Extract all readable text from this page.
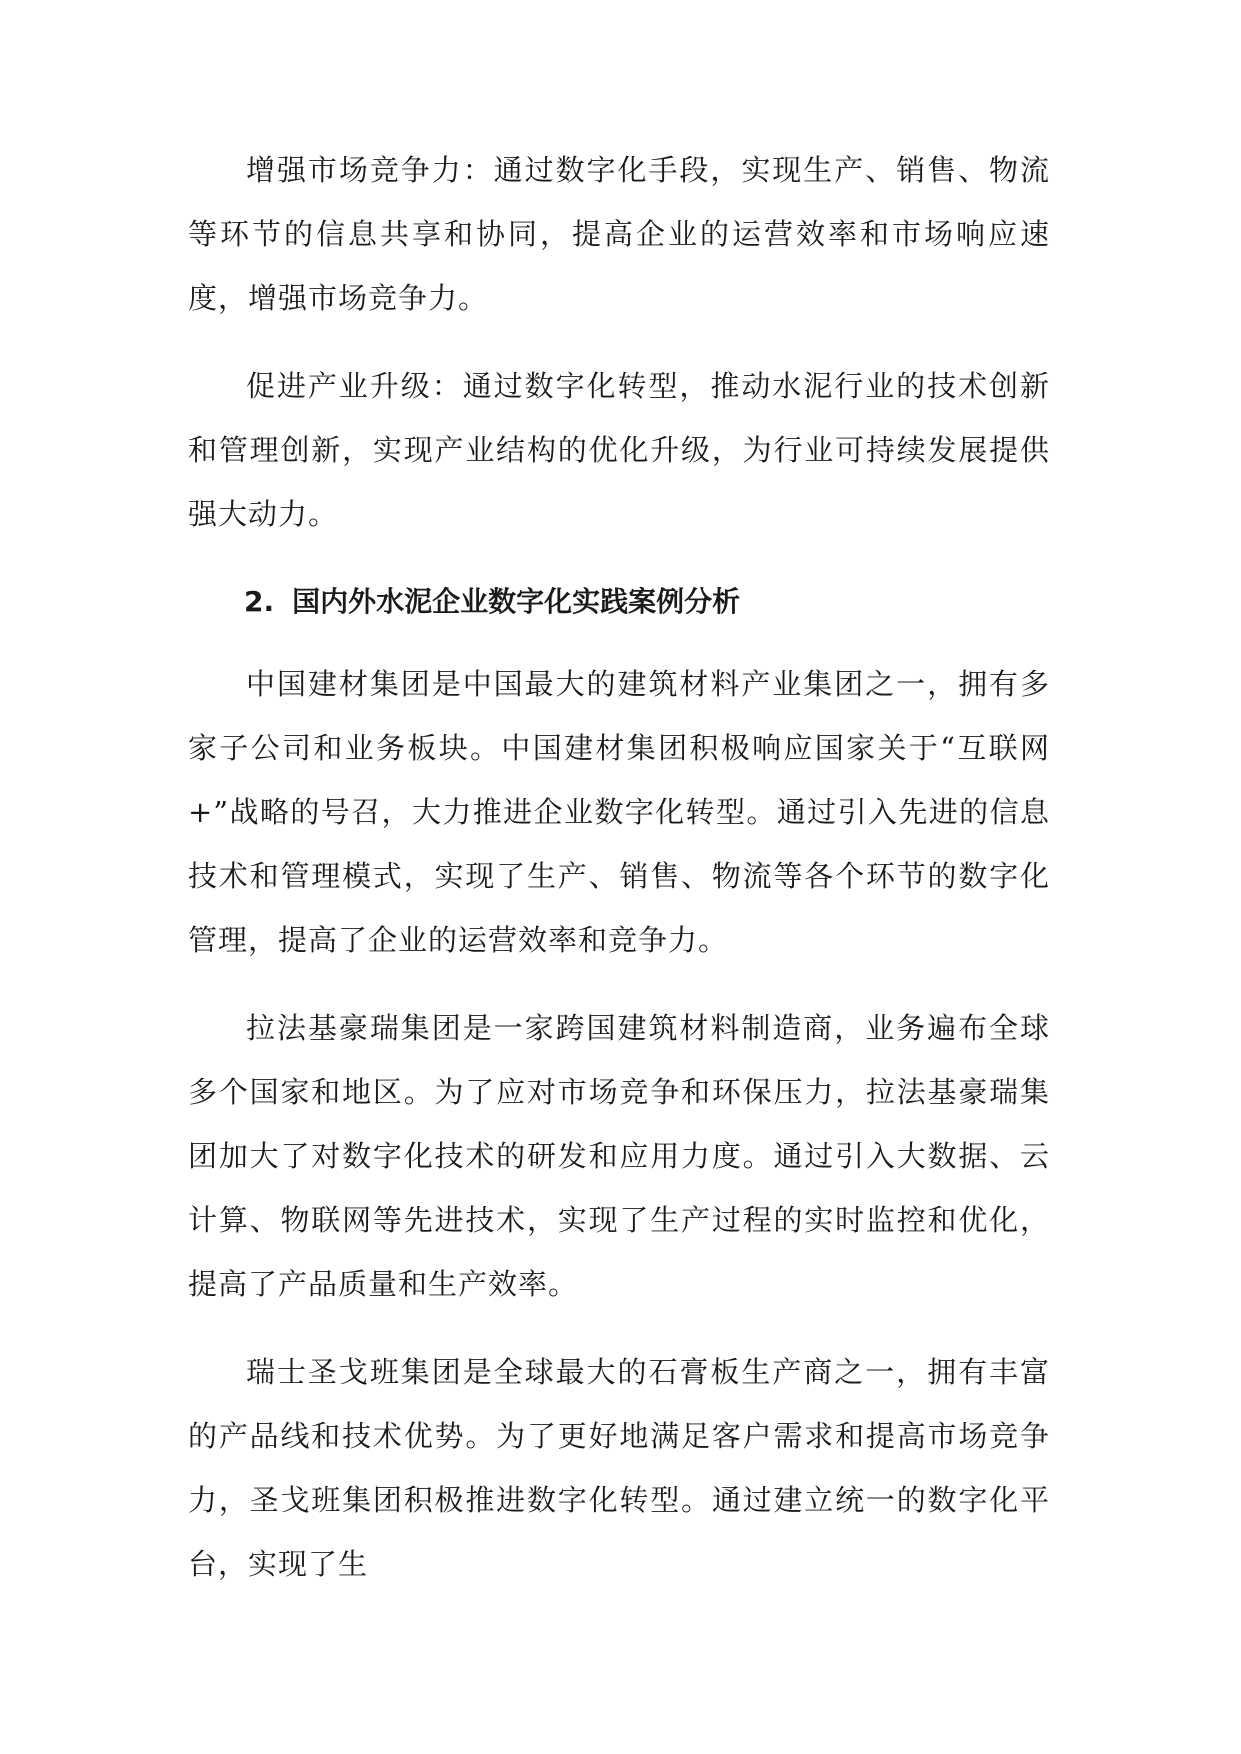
增强市场竞争力：通过数字化手段，实现生产、销售、物流等环节的信息共享和协同，提高企业的运营效率和市场响应速度，增强市场竞争力。

促进产业升级：通过数字化转型，推动水泥行业的技术创新和管理创新，实现产业结构的优化升级，为行业可持续发展提供强大动力。

2. 国内外水泥企业数字化实践案例分析

中国建材集团是中国最大的建筑材料产业集团之一，拥有多家子公司和业务板块。中国建材集团积极响应国家关于“互联网+”战略的号召，大力推进企业数字化转型。通过引入先进的信息技术和管理模式，实现了生产、销售、物流等各个环节的数字化管理，提高了企业的运营效率和竞争力。

拉法基豪瑞集团是一家跨国建筑材料制造商，业务遍布全球多个国家和地区。为了应对市场竞争和环保压力，拉法基豪瑞集团加大了对数字化技术的研发和应用力度。通过引入大数据、云计算、物联网等先进技术，实现了生产过程的实时监控和优化，提高了产品质量和生产效率。

瑞士圣戈班集团是全球最大的石膏板生产商之一，拥有丰富的产品线和技术优势。为了更好地满足客户需求和提高市场竞争力，圣戈班集团积极推进数字化转型。通过建立统一的数字化平台，实现了生
